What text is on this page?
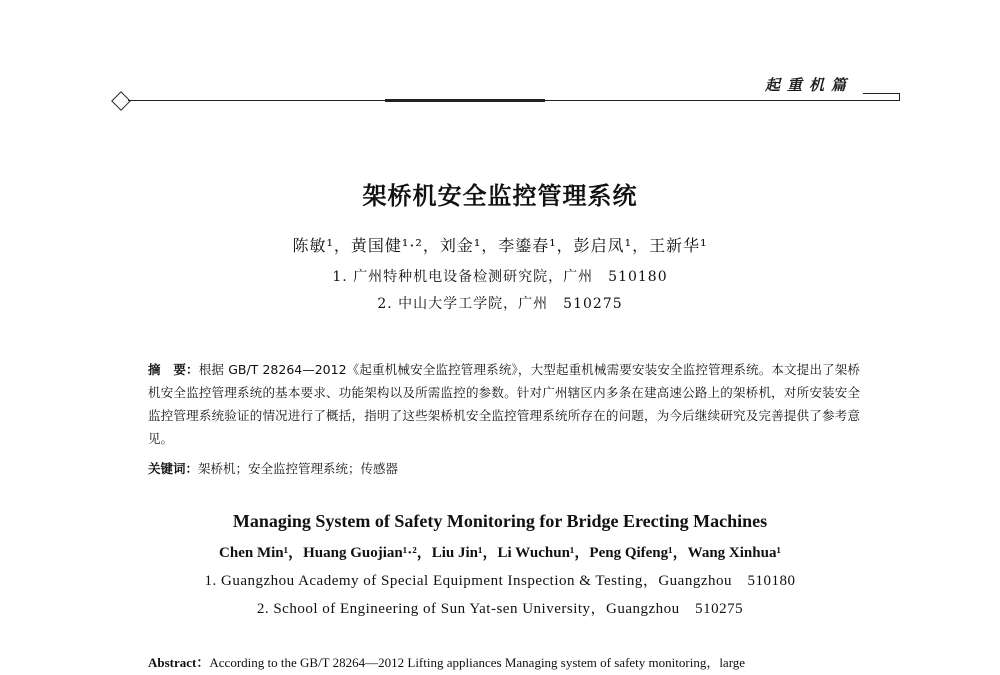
起重机篇
架桥机安全监控管理系统
陈敏¹，黄国健¹·²，刘金¹，李鎏春¹，彭启凤¹，王新华¹
1. 广州特种机电设备检测研究院，广州　510180
2. 中山大学工学院，广州　510275

摘　要：根据 GB/T 28264—2012《起重机械安全监控管理系统》，大型起重机械需要安装安全监控管理系统。本文提出了架桥机安全监控管理系统的基本要求、功能架构以及所需监控的参数。针对广州辖区内多条在建高速公路上的架桥机，对所安装安全监控管理系统验证的情况进行了概括，指明了这些架桥机安全监控管理系统所存在的问题，为今后继续研究及完善提供了参考意见。

关键词：架桥机；安全监控管理系统；传感器
Managing System of Safety Monitoring for Bridge Erecting Machines
Chen Min¹，Huang Guojian¹·²，Liu Jin¹，Li Wuchun¹，Peng Qifeng¹，Wang Xinhua¹
1. Guangzhou Academy of Special Equipment Inspection & Testing，Guangzhou　510180
2. School of Engineering of Sun Yat-sen University，Guangzhou　510275
Abstract：According to the GB/T 28264—2012 Lifting appliances Managing system of safety monitoring，large
